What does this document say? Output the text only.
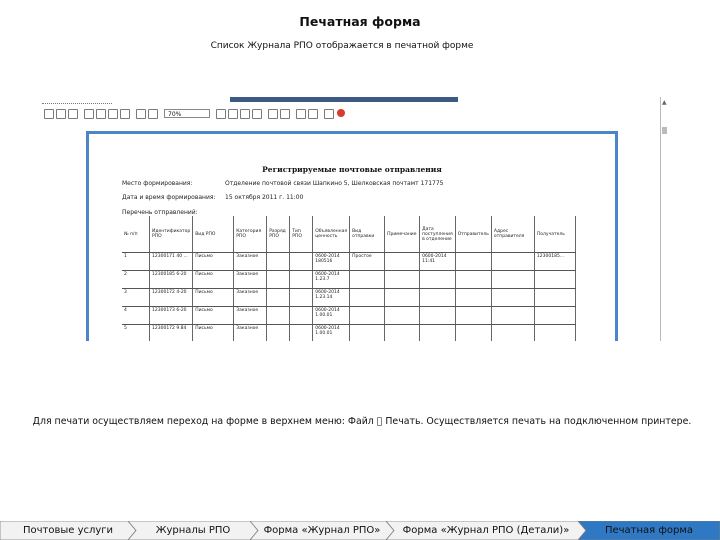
Печатная форма
Список Журнала РПО отображается в печатной форме
70%
▲
Регистрируемые почтовые отправления
Место формирования:	Отделение почтовой связи Шапкино 5, Шелковская почтамт 171775
Дата и время формирования: 15 октября 2011 г. 11:00
Перечень отправлений:
№ п/п	Идентификатор РПО	Вид РПО	Категория РПО	Разряд РПО	Тип РПО	Объявленная ценность	Вид отправки	Примечание	Дата поступления в отделение	Отправитель	Адрес отправителя	Получатель
1	12300171 40 ...	Письмо	Заказное			0600-2014 180516	Простое		0600-2014 11:41			12300185...
2	12300185 6-20	Письмо	Заказное			0600-2014 1.23.7						
3	12300172 4-20	Письмо	Заказное			0600-2014 1.23.14						
4	12300173 6-20	Письмо	Заказное			0600-2014 1.00.01						
5	12300172 9.84	Письмо	Заказное			0600-2014 1.00.01						
Для печати осуществляем переход на форме в верхнем меню: Файл Печать. Осуществляется печать на подключенном принтере.
Почтовые услуги	Журналы РПО	Форма «Журнал РПО»	Форма «Журнал РПО (Детали)»	Печатная форма
